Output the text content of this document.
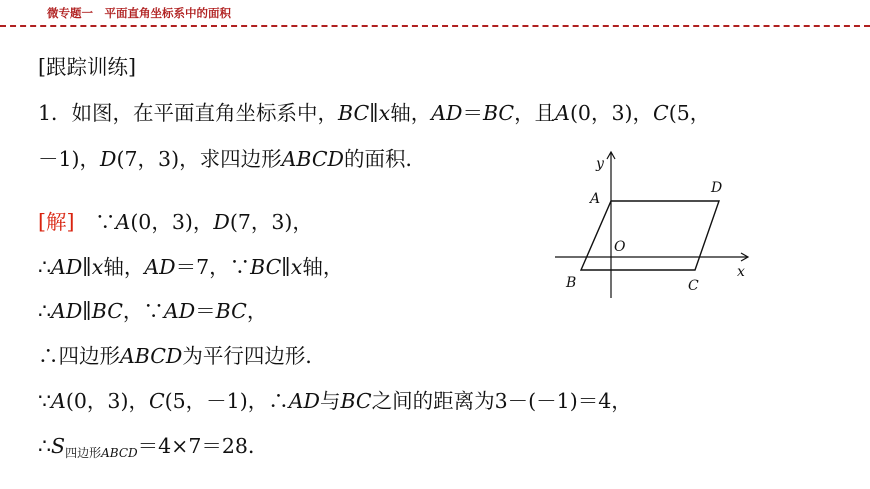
微专题一　平面直角坐标系中的面积
[跟踪训练]
1．如图，在平面直角坐标系中，BC∥x轴，AD＝BC，且A(0，3)，C(5，
－1)，D(7，3)，求四边形ABCD的面积．
[解]　∵A(0，3)，D(7，3)，
∴AD∥x轴，AD＝7，∵BC∥x轴，
∴AD∥BC，∵AD＝BC，
∴四边形ABCD为平行四边形．
∵A(0，3)，C(5，－1)，∴AD与BC之间的距离为3－(－1)＝4，
$\therefore S_{四边形ABCD}=4\times 7=28$．
y
x
O
A
D
B	C
